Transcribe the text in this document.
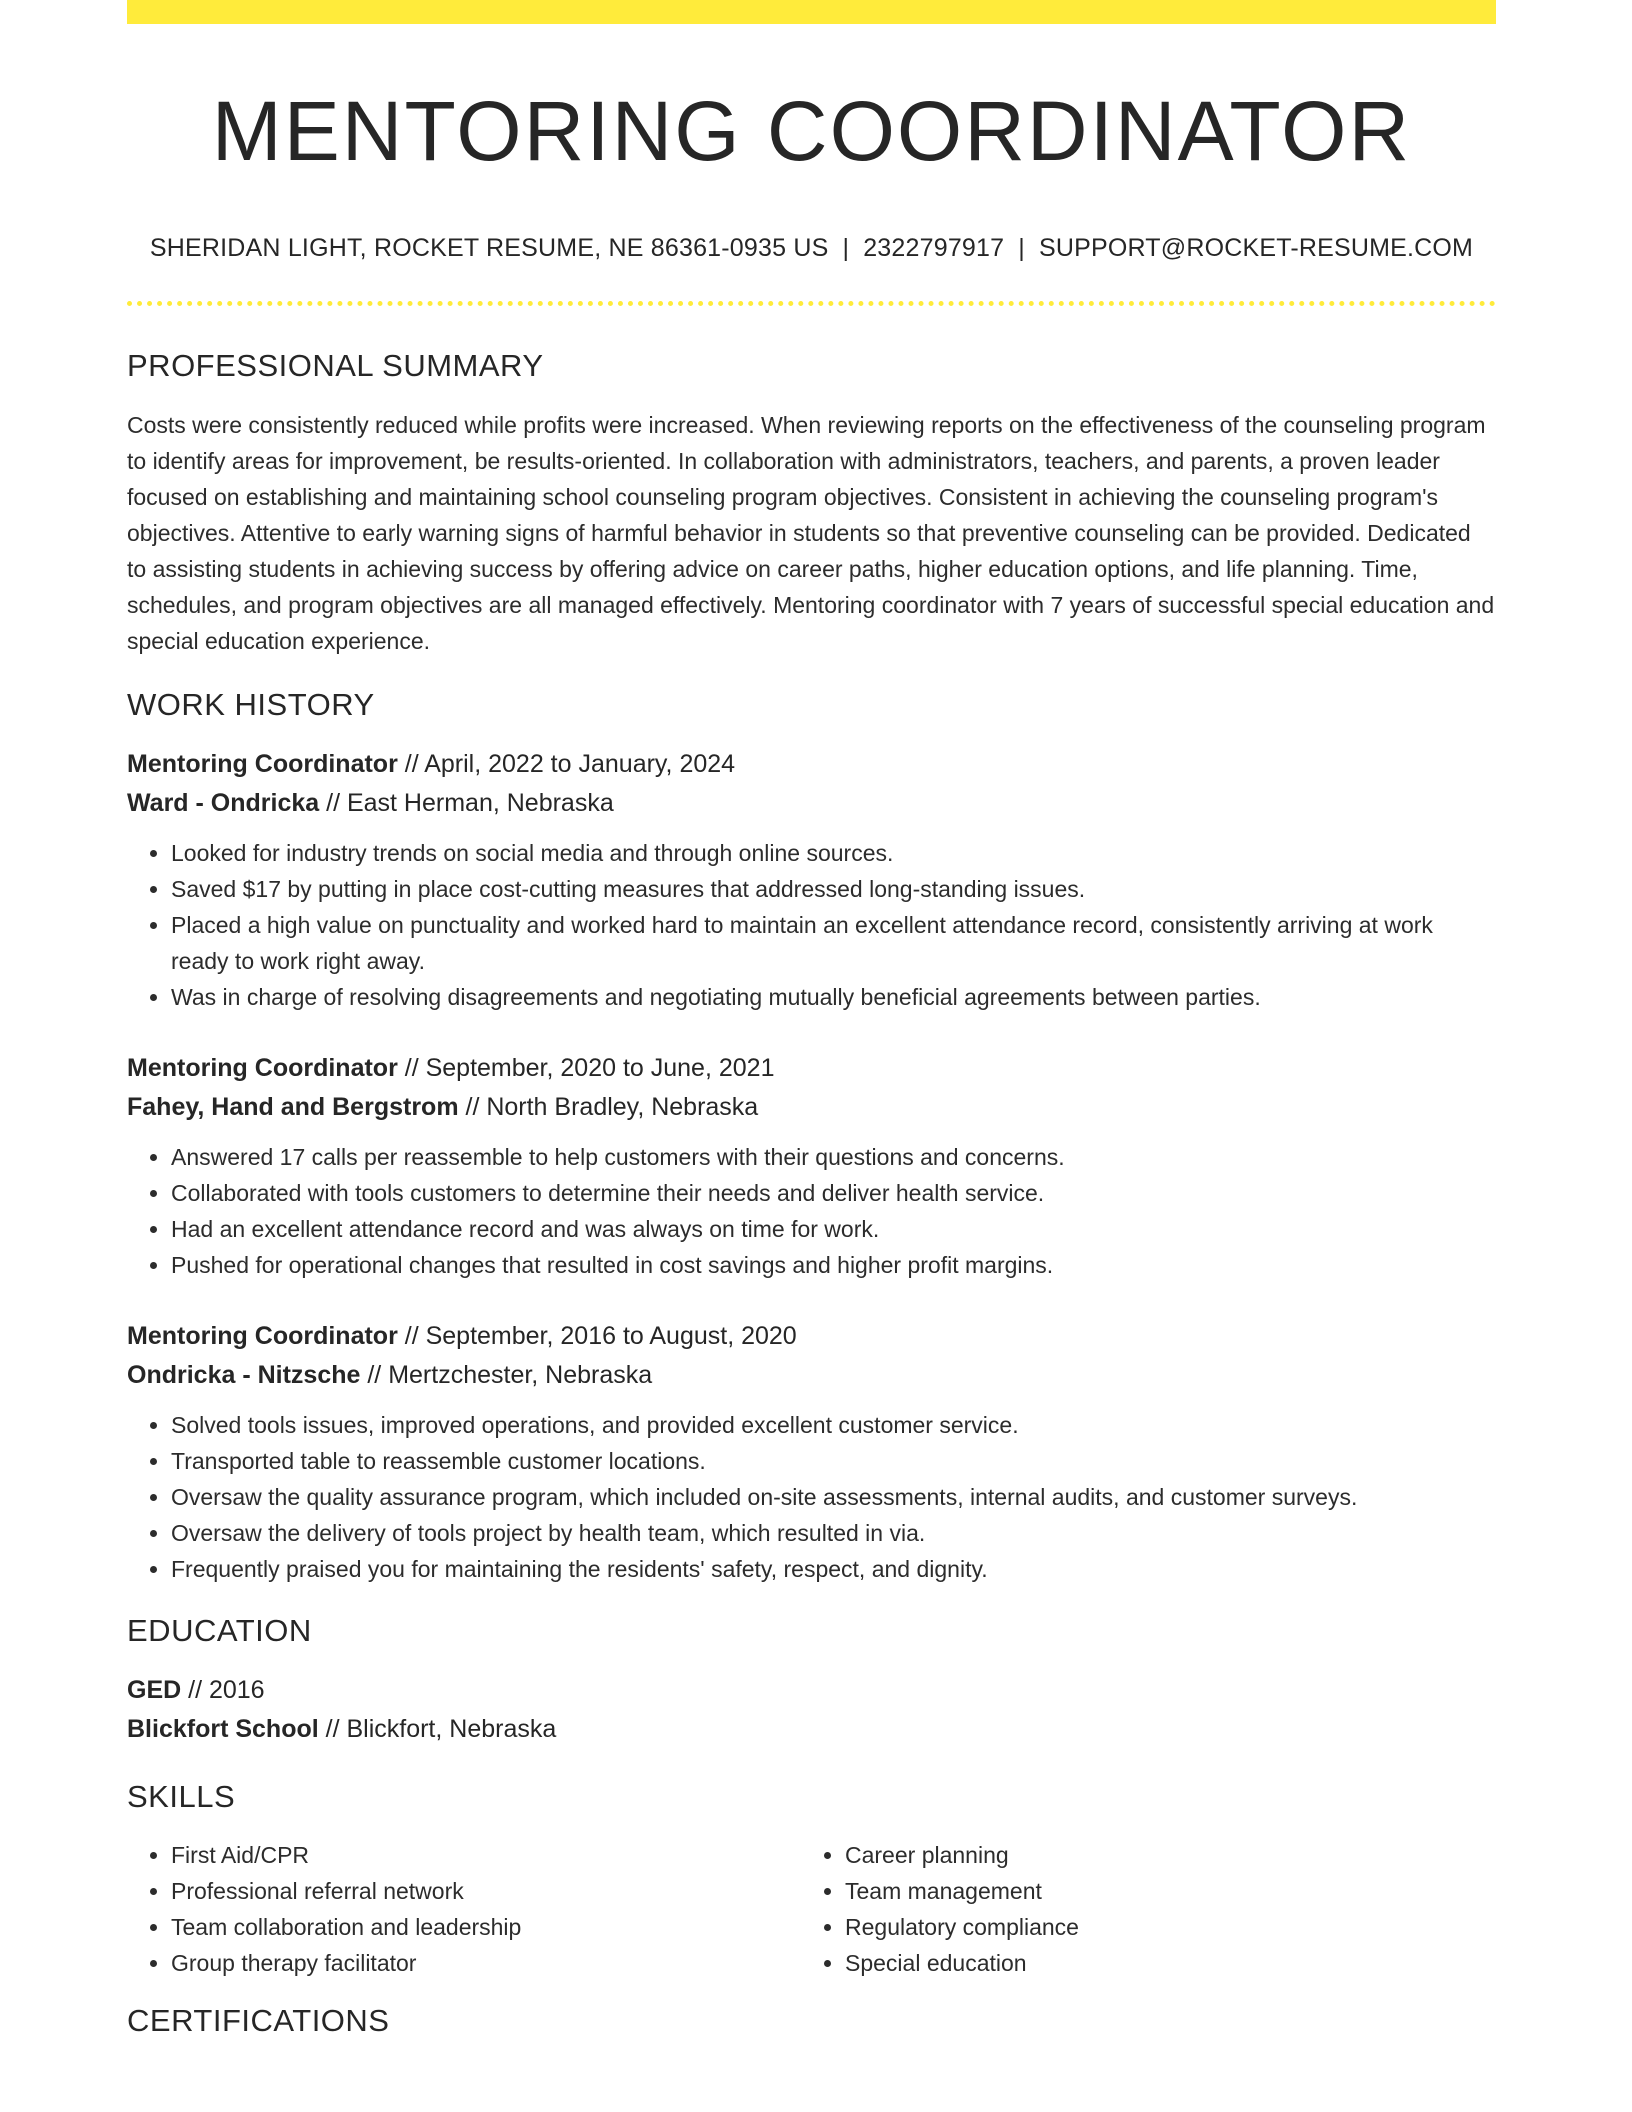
MENTORING COORDINATOR
SHERIDAN LIGHT, ROCKET RESUME, NE 86361-0935 US | 2322797917 | SUPPORT@ROCKET-RESUME.COM
PROFESSIONAL SUMMARY
Costs were consistently reduced while profits were increased. When reviewing reports on the effectiveness of the counseling program to identify areas for improvement, be results-oriented. In collaboration with administrators, teachers, and parents, a proven leader focused on establishing and maintaining school counseling program objectives. Consistent in achieving the counseling program's objectives. Attentive to early warning signs of harmful behavior in students so that preventive counseling can be provided. Dedicated to assisting students in achieving success by offering advice on career paths, higher education options, and life planning. Time, schedules, and program objectives are all managed effectively. Mentoring coordinator with 7 years of successful special education and special education experience.
WORK HISTORY
Mentoring Coordinator // April, 2022 to January, 2024
Ward - Ondricka // East Herman, Nebraska
• Looked for industry trends on social media and through online sources.
• Saved $17 by putting in place cost-cutting measures that addressed long-standing issues.
• Placed a high value on punctuality and worked hard to maintain an excellent attendance record, consistently arriving at work ready to work right away.
• Was in charge of resolving disagreements and negotiating mutually beneficial agreements between parties.
Mentoring Coordinator // September, 2020 to June, 2021
Fahey, Hand and Bergstrom // North Bradley, Nebraska
• Answered 17 calls per reassemble to help customers with their questions and concerns.
• Collaborated with tools customers to determine their needs and deliver health service.
• Had an excellent attendance record and was always on time for work.
• Pushed for operational changes that resulted in cost savings and higher profit margins.
Mentoring Coordinator // September, 2016 to August, 2020
Ondricka - Nitzsche // Mertzchester, Nebraska
• Solved tools issues, improved operations, and provided excellent customer service.
• Transported table to reassemble customer locations.
• Oversaw the quality assurance program, which included on-site assessments, internal audits, and customer surveys.
• Oversaw the delivery of tools project by health team, which resulted in via.
• Frequently praised you for maintaining the residents' safety, respect, and dignity.
EDUCATION
GED // 2016
Blickfort School // Blickfort, Nebraska
SKILLS
• First Aid/CPR
• Professional referral network
• Team collaboration and leadership
• Group therapy facilitator
• Career planning
• Team management
• Regulatory compliance
• Special education
CERTIFICATIONS
